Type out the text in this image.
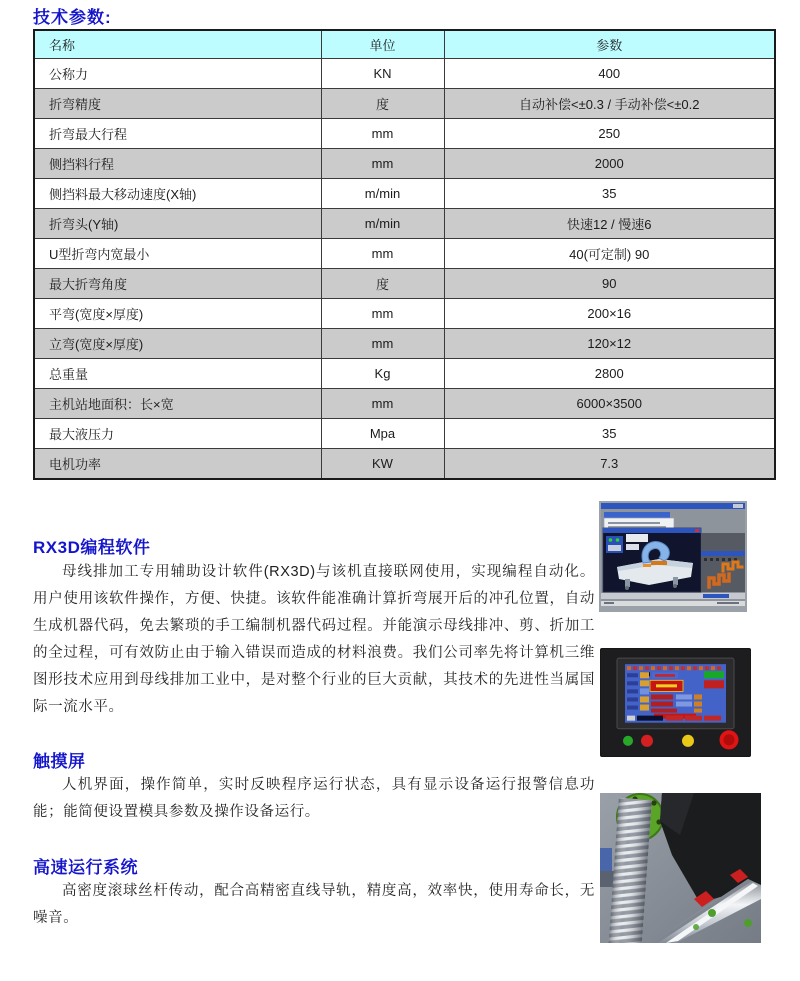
技术参数:
名称	单位	参数
公称力	KN	400
折弯精度	度	自动补偿<±0.3 / 手动补偿<±0.2
折弯最大行程	mm	250
侧挡料行程	mm	2000
侧挡料最大移动速度(X轴)	m/min	35
折弯头(Y轴)	m/min	快速12 / 慢速6
U型折弯内宽最小	mm	40(可定制) 90
最大折弯角度	度	90
平弯(宽度×厚度)	mm	200×16
立弯(宽度×厚度)	mm	120×12
总重量	Kg	2800
主机站地面积：长×宽	mm	6000×3500
最大液压力	Mpa	35
电机功率	KW	7.3
RX3D编程软件

母线排加工专用辅助设计软件(RX3D)与该机直接联网使用，实现编程自动化。用户使用该软件操作，方便、快捷。该软件能准确计算折弯展开后的冲孔位置，自动生成机器代码，免去繁琐的手工编制机器代码过程。并能演示母线排冲、剪、折加工的全过程，可有效防止由于输入错误而造成的材料浪费。我们公司率先将计算机三维图形技术应用到母线排加工业中，是对整个行业的巨大贡献，其技术的先进性当属国际一流水平。

触摸屏

人机界面，操作简单，实时反映程序运行状态，具有显示设备运行报警信息功能；能简便设置模具参数及操作设备运行。

高速运行系统

高密度滚球丝杆传动，配合高精密直线导轨，精度高，效率快，使用寿命长，无噪音。
